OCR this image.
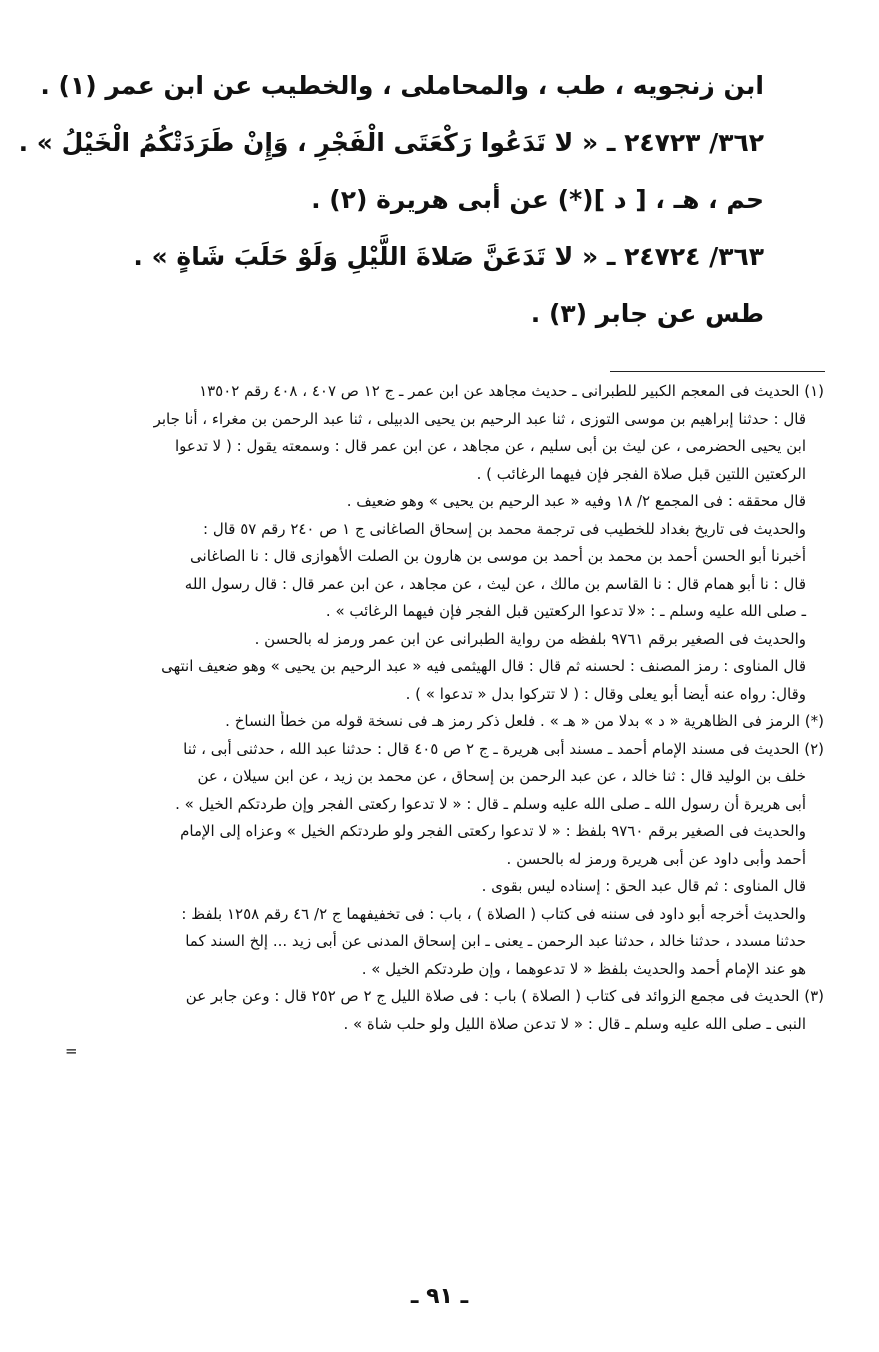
ابن زنجويه ، طب ، والمحاملى ، والخطيب عن ابن عمر (١) .
٣٦٢/ ٢٤٧٢٣ ـ « لا تَدَعُوا رَكْعَتَى الْفَجْرِ ، وَإِنْ طَرَدَتْكُمُ الْخَيْلُ » .
حم ، هـ ، [ د ](*) عن أبى هريرة (٢) .
٣٦٣/ ٢٤٧٢٤ ـ « لا تَدَعَنَّ صَلاةَ اللَّيْلِ وَلَوْ حَلَبَ شَاةٍ » .
طس عن جابر (٣) .

(١) الحديث فى المعجم الكبير للطبرانى ـ حديث مجاهد عن ابن عمر ـ ج ١٢ ص ٤٠٧ ، ٤٠٨ رقم ١٣٥٠٢

قال : حدثنا إبراهيم بن موسى التوزى ، ثنا عبد الرحيم بن يحيى الدبيلى ، ثنا عبد الرحمن بن مغراء ، أنا جابر

ابن يحيى الحضرمى ، عن ليث بن أبى سليم ، عن مجاهد ، عن ابن عمر قال : وسمعته يقول : ( لا تدعوا

الركعتين اللتين قبل صلاة الفجر فإن فيهما الرغائب ) .

قال محققه : فى المجمع ٢/ ١٨ وفيه « عبد الرحيم بن يحيى » وهو ضعيف .

والحديث فى تاريخ بغداد للخطيب فى ترجمة محمد بن إسحاق الصاغانى ج ١ ص ٢٤٠ رقم ٥٧ قال :

أخبرنا أبو الحسن أحمد بن محمد بن أحمد بن موسى بن هارون بن الصلت الأهوازى قال : نا الصاغانى

قال : نا أبو همام قال : نا القاسم بن مالك ، عن ليث ، عن مجاهد ، عن ابن عمر قال : قال رسول الله

ـ صلى الله عليه وسلم ـ : «لا تدعوا الركعتين قبل الفجر فإن فيهما الرغائب » .

والحديث فى الصغير برقم ٩٧٦١ بلفظه من رواية الطبرانى عن ابن عمر ورمز له بالحسن .

قال المناوى : رمز المصنف : لحسنه ثم قال : قال الهيثمى فيه « عبد الرحيم بن يحيى » وهو ضعيف انتهى

وقال: رواه عنه أيضا أبو يعلى وقال : ( لا تتركوا بدل « تدعوا » ) .

(*) الرمز فى الظاهرية « د » بدلا من « هـ » . فلعل ذكر رمز هـ فى نسخة قوله من خطأ النساخ .

(٢) الحديث فى مسند الإمام أحمد ـ مسند أبى هريرة ـ ج ٢ ص ٤٠٥ قال : حدثنا عبد الله ، حدثنى أبى ، ثنا

خلف بن الوليد قال : ثنا خالد ، عن عبد الرحمن بن إسحاق ، عن محمد بن زيد ، عن ابن سيلان ، عن

أبى هريرة أن رسول الله ـ صلى الله عليه وسلم ـ قال : « لا تدعوا ركعتى الفجر وإن طردتكم الخيل » .

والحديث فى الصغير برقم ٩٧٦٠ بلفظ : « لا تدعوا ركعتى الفجر ولو طردتكم الخيل » وعزاه إلى الإمام

أحمد وأبى داود عن أبى هريرة ورمز له بالحسن .

قال المناوى : ثم قال عبد الحق : إسناده ليس بقوى .

والحديث أخرجه أبو داود فى سننه فى كتاب ( الصلاة ) ، باب : فى تخفيفهما ج ٢/ ٤٦ رقم ١٢٥٨ بلفظ :

حدثنا مسدد ، حدثنا خالد ، حدثنا عبد الرحمن ـ يعنى ـ ابن إسحاق المدنى عن أبى زيد ... إلخ السند كما

هو عند الإمام أحمد والحديث بلفظ « لا تدعوهما ، وإن طردتكم الخيل » .

(٣) الحديث فى مجمع الزوائد فى كتاب ( الصلاة ) باب : فى صلاة الليل ج ٢ ص ٢٥٢ قال : وعن جابر عن

النبى ـ صلى الله عليه وسلم ـ قال : « لا تدعن صلاة الليل ولو حلب شاة » .

=

ـ ٩١ ـ
